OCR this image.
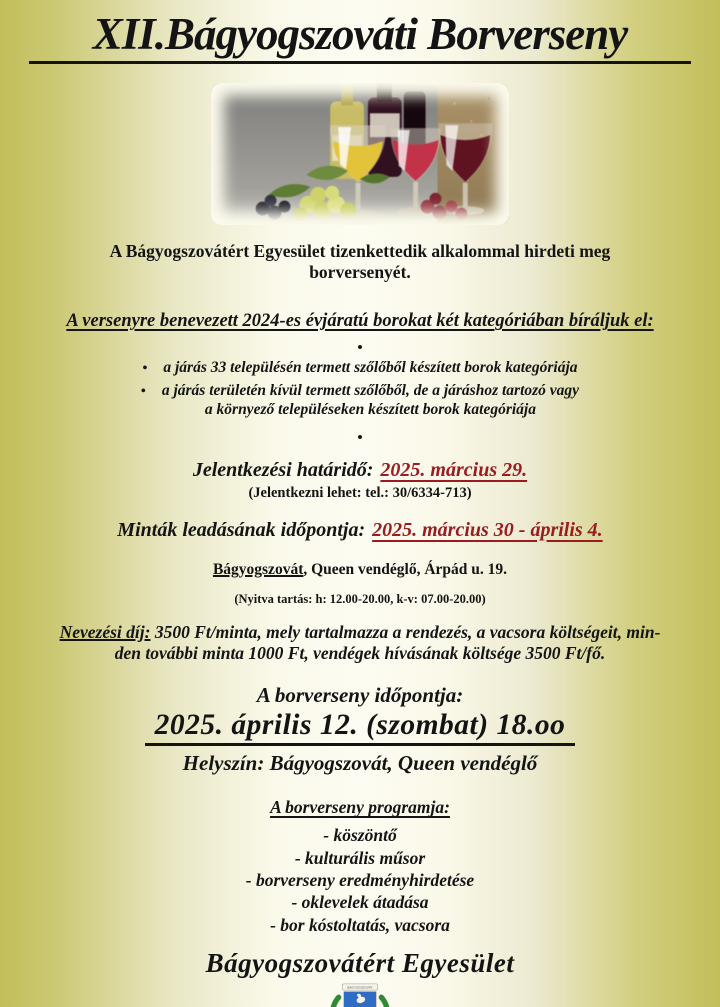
XII.Bágyogszováti Borverseny

A Bágyogszovátért Egyesület tizenkettedik alkalommal hirdeti meg borversenyét.

A versenyre benevezett 2024-es évjáratú borokat két kategóriában bíráljuk el:

•
• a járás 33 településén termett szőlőből készített borok kategóriája
• a járás területén kívül termett szőlőből, de a járáshoz tartozó vagy
a környező településeken készített borok kategóriája
•

Jelentkezési határidő: 2025. március 29.

(Jelentkezni lehet: tel.: 30/6334-713)

Minták leadásának időpontja: 2025. március 30 - április 4.

Bágyogszovát, Queen vendéglő, Árpád u. 19.

(Nyitva tartás: h: 12.00-20.00, k-v: 07.00-20.00)

Nevezési díj: 3500 Ft/minta, mely tartalmazza a rendezés, a vacsora költségeit, min-
den további minta 1000 Ft, vendégek hívásának költsége 3500 Ft/fő.

A borverseny időpontja:

2025. április 12. (szombat) 18.oo

Helyszín: Bágyogszovát, Queen vendéglő

A borverseny programja:

- köszöntő
- kulturális műsor
- borverseny eredményhirdetése
- oklevelek átadása
- bor kóstoltatás, vacsora

Bágyogszovátért Egyesület

BÁGYOGSZOVÁT
